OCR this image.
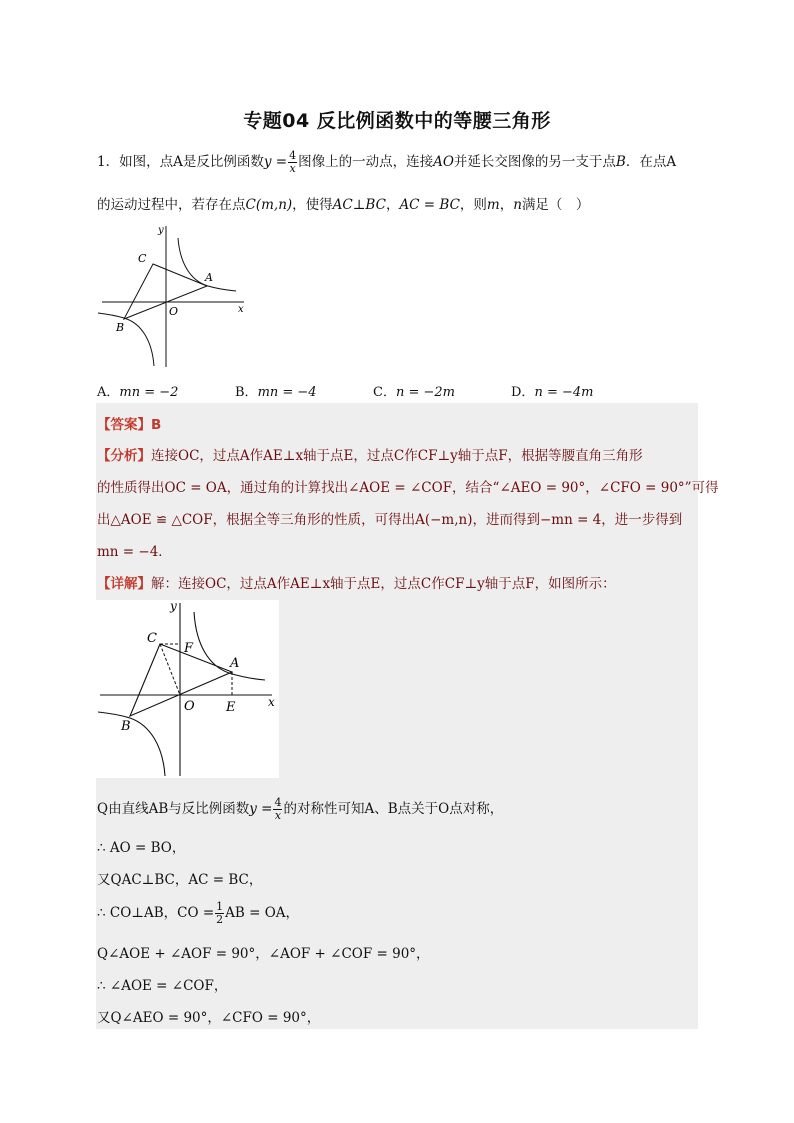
专题04 反比例函数中的等腰三角形
1．如图，点A是反比例函数$y = \frac{4}{x}$ 图像上的一动点，连接AO并延长交图像的另一支于点B．在点A
的运动过程中，若存在点C(m,n)，使得AC⊥BC，AC = BC，则m，n满足（　）
y
x
C
A
O
B
A．mn = −2	B．mn = −4	C．n = −2m	D．n = −4m
【答案】B
【分析】连接OC，过点A作AE⊥x轴于点E，过点C作CF⊥y轴于点F，根据等腰直角三角形
的性质得出OC = OA，通过角的计算找出∠AOE = ∠COF，结合“∠AEO = 90°，∠CFO = 90°”可得
出△AOE ≌ △COF，根据全等三角形的性质，可得出A(−m,n)，进而得到−mn = 4，进一步得到
mn = −4．
【详解】解：连接OC，过点A作AE⊥x轴于点E，过点C作CF⊥y轴于点F，如图所示：
y
x
C
F
A
O E
B
Q由直线AB与反比例函数$y = \frac{4}{x}$ 的对称性可知A、B点关于O点对称，
∴ AO = BO，
又QAC⊥BC，AC = BC，
∴ CO⊥AB，CO = $\frac{1}{2}$ AB = OA，
Q∠AOE + ∠AOF = 90°，∠AOF + ∠COF = 90°，
∴ ∠AOE = ∠COF，
又Q∠AEO = 90°，∠CFO = 90°，
